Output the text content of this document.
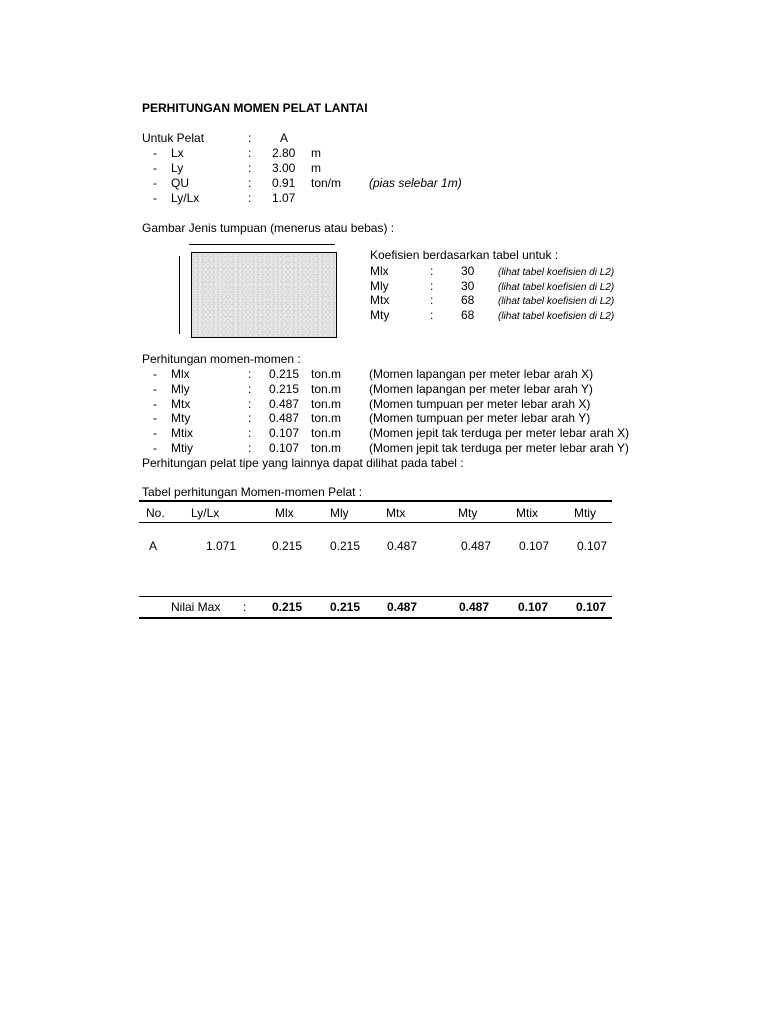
PERHITUNGAN MOMEN PELAT LANTAI
Untuk Pelat	: A
- Lx	: 2.80 m
- Ly	: 3.00 m
- QU	: 0.91 ton/m (pias selebar 1m)
- Ly/Lx	: 1.07
Gambar Jenis tumpuan (menerus atau bebas) :
Koefisien berdasarkan tabel untuk :
Mlx	: 30 (lihat tabel koefisien di L2)
Mly	: 30 (lihat tabel koefisien di L2)
Mtx	: 68 (lihat tabel koefisien di L2)
Mty	: 68 (lihat tabel koefisien di L2)
Perhitungan momen-momen :
- Mlx	: 0.215 ton.m (Momen lapangan per meter lebar arah X)
- Mly	: 0.215 ton.m (Momen lapangan per meter lebar arah Y)
- Mtx	: 0.487 ton.m (Momen tumpuan per meter lebar arah X)
- Mty	: 0.487 ton.m (Momen tumpuan per meter lebar arah Y)
- Mtix	: 0.107 ton.m (Momen jepit tak terduga per meter lebar arah X)
- Mtiy	: 0.107 ton.m (Momen jepit tak terduga per meter lebar arah Y)
Perhitungan pelat tipe yang lainnya dapat dilihat pada tabel :
Tabel perhitungan Momen-momen Pelat :
No. Ly/Lx	Mlx	Mly	Mtx	Mty	Mtix	Mtiy
A	1.071	0.215 0.215 0.487	0.487 0.107 0.107
Nilai Max : 0.215 0.215 0.487	0.487 0.107 0.107
